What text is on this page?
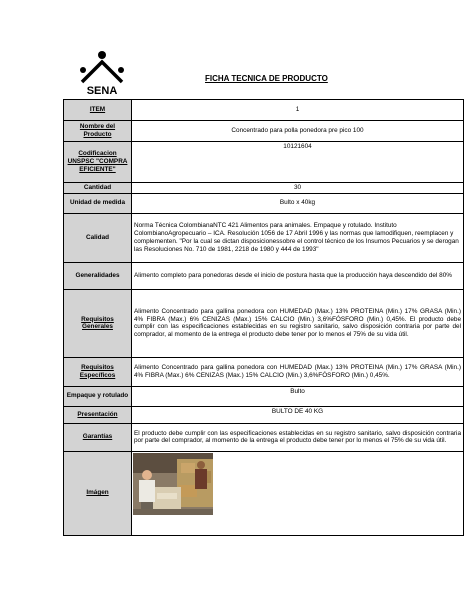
SENA
FICHA TECNICA DE PRODUCTO
ITEM	1
Nombre del Producto	Concentrado para polla ponedora pre pico 100
Codificacion UNSPSC "COMPRA EFICIENTE"	10121604
Cantidad	30
Unidad de medida	Bulto x 40kg
Calidad	Norma Técnica ColombianaNTC 421 Alimentos para animales. Empaque y rotulado. Instituto ColombianoAgropecuario – ICA. Resolución 1056 de 17 Abril 1996 y las normas que lamodifiquen, reemplacen y complementen. "Por la cual se dictan disposicionessobre el control técnico de los Insumos Pecuarios y se derogan las Resoluciones No. 710 de 1981, 2218 de 1980 y 444 de 1993"
Generalidades	Alimento completo para ponedoras desde el inicio de postura hasta que la producción haya descendido del 80%
Requisitos Generales	Alimento Concentrado para gallina ponedora con HUMEDAD (Max.) 13% PROTEINA (Min.) 17% GRASA (Min.) 4% FIBRA (Max.) 6% CENIZAS (Max.) 15% CALCIO (Min.) 3,6%FÓSFORO (Min.) 0,45%. El producto debe cumplir con las especificaciones establecidas en su registro sanitario, salvo disposición contraria por parte del comprador, al momento de la entrega el producto debe tener por lo menos el 75% de su vida útil.
Requisitos Específicos	Alimento Concentrado para gallina ponedora con HUMEDAD (Max.) 13% PROTEINA (Min.) 17% GRASA (Min.) 4% FIBRA (Max.) 6% CENIZAS (Max.) 15% CALCIO (Min.) 3,6%FÓSFORO (Min.) 0,45%.
Empaque y rotulado	Bulto
Presentación	BULTO DE 40 KG
Garantías	El producto debe cumplir con las especificaciones establecidas en su registro sanitario, salvo disposición contraria por parte del comprador, al momento de la entrega el producto debe tener por lo menos el 75% de su vida útil.
Imágen	
